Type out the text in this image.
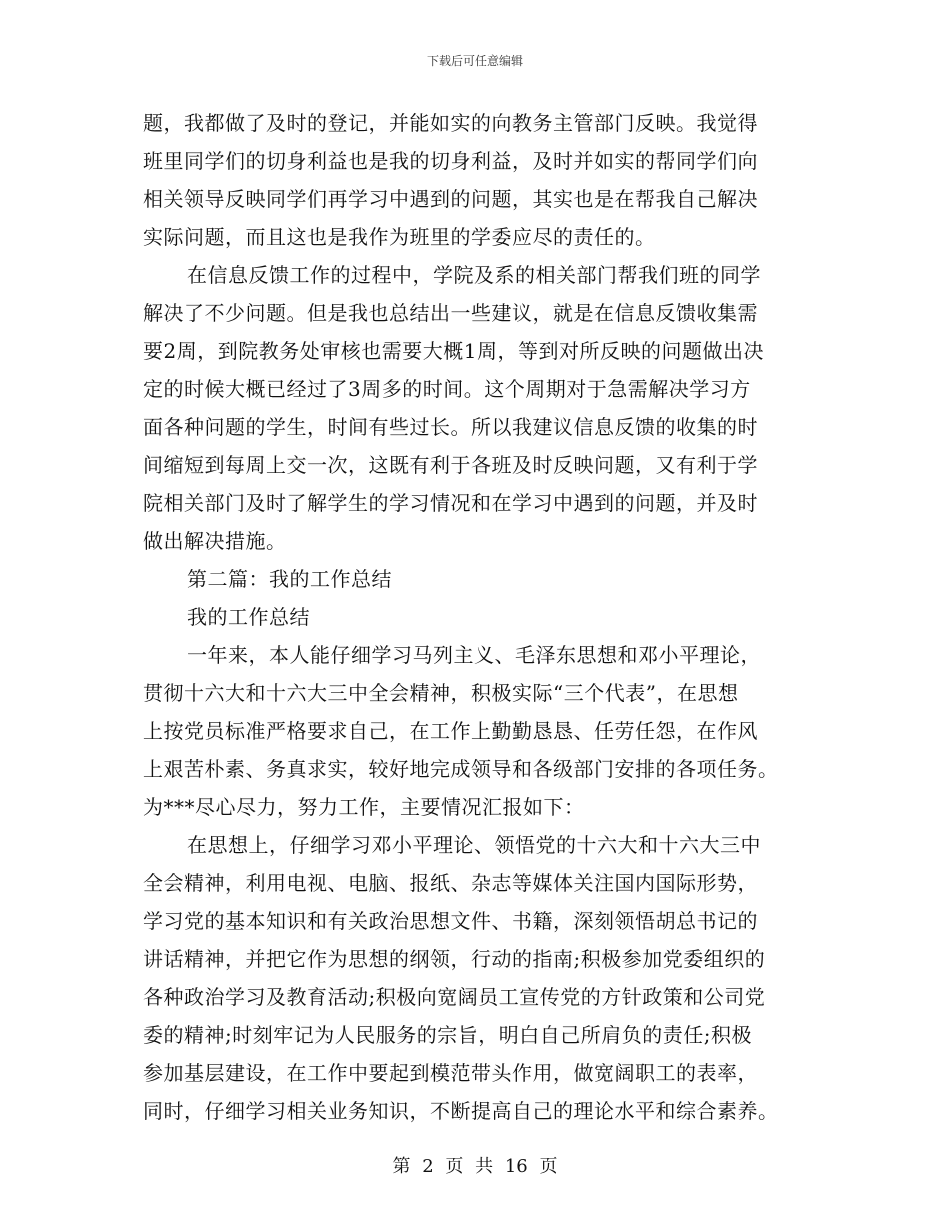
下载后可任意编辑
题，我都做了及时的登记，并能如实的向教务主管部门反映。我觉得
班里同学们的切身利益也是我的切身利益，及时并如实的帮同学们向
相关领导反映同学们再学习中遇到的问题，其实也是在帮我自己解决
实际问题，而且这也是我作为班里的学委应尽的责任的。
在信息反馈工作的过程中，学院及系的相关部门帮我们班的同学
解决了不少问题。但是我也总结出一些建议，就是在信息反馈收集需
要2周，到院教务处审核也需要大概1周，等到对所反映的问题做出决
定的时候大概已经过了3周多的时间。这个周期对于急需解决学习方
面各种问题的学生，时间有些过长。所以我建议信息反馈的收集的时
间缩短到每周上交一次，这既有利于各班及时反映问题，又有利于学
院相关部门及时了解学生的学习情况和在学习中遇到的问题，并及时
做出解决措施。
第二篇：我的工作总结
我的工作总结
一年来，本人能仔细学习马列主义、毛泽东思想和邓小平理论，
贯彻十六大和十六大三中全会精神，积极实际“三个代表”，在思想
上按党员标准严格要求自己，在工作上勤勤恳恳、任劳任怨，在作风
上艰苦朴素、务真求实，较好地完成领导和各级部门安排的各项任务。
为***尽心尽力，努力工作，主要情况汇报如下：
在思想上，仔细学习邓小平理论、领悟党的十六大和十六大三中
全会精神，利用电视、电脑、报纸、杂志等媒体关注国内国际形势，
学习党的基本知识和有关政治思想文件、书籍，深刻领悟胡总书记的
讲话精神，并把它作为思想的纲领，行动的指南;积极参加党委组织的
各种政治学习及教育活动;积极向宽阔员工宣传党的方针政策和公司党
委的精神;时刻牢记为人民服务的宗旨，明白自己所肩负的责任;积极
参加基层建设，在工作中要起到模范带头作用，做宽阔职工的表率，
同时，仔细学习相关业务知识，不断提高自己的理论水平和综合素养。
第 2 页 共 16 页
